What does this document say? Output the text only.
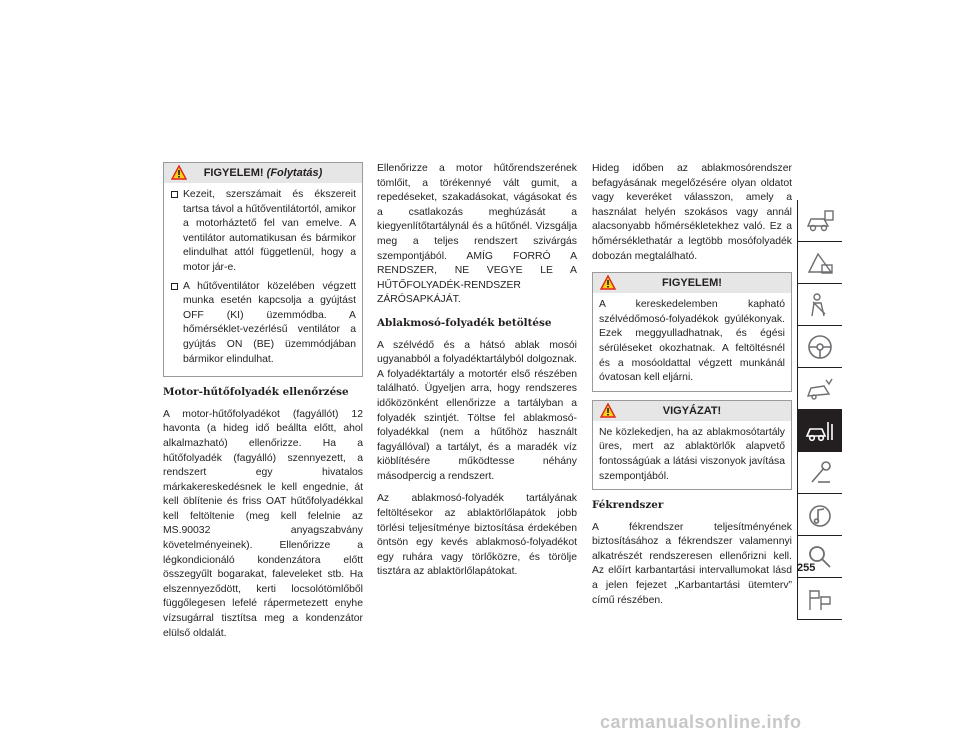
FIGYELEM! (Folytatás)
Kezeit, szerszámait és ékszereit tartsa távol a hűtőventilátortól, amikor a motorháztető fel van emelve. A ventilátor automatikusan és bármikor elindulhat attól függetlenül, hogy a motor jár-e.
A hűtőventilátor közelében végzett munka esetén kapcsolja a gyújtást OFF (KI) üzemmódba. A hőmérséklet-vezérlésű ventilátor a gyújtás ON (BE) üzemmódjában bármikor elindulhat.
Motor-hűtőfolyadék ellenőrzése

A motor-hűtőfolyadékot (fagyállót) 12 havonta (a hideg idő beállta előtt, ahol alkalmazható) ellenőrizze. Ha a hűtőfolyadék (fagyálló) szennyezett, a rendszert egy hivatalos márkakereskedésnek le kell engednie, át kell öblítenie és friss OAT hűtőfolyadékkal kell feltöltenie (meg kell felelnie az MS.90032 anyagszabvány követelményeinek). Ellenőrizze a légkondicionáló kondenzátora előtt összegyűlt bogarakat, faleveleket stb. Ha elszennyeződött, kerti locsolótömlőből függőlegesen lefelé rápermetezett enyhe vízsugárral tisztítsa meg a kondenzátor elülső oldalát.

Ellenőrizze a motor hűtőrendszerének tömlőit, a törékennyé vált gumit, a repedéseket, szakadásokat, vágásokat és a csatlakozás meghúzását a kiegyenlítőtartálynál és a hűtőnél. Vizsgálja meg a teljes rendszert szivárgás szempontjából. AMÍG FORRÓ A RENDSZER, NE VEGYE LE A HŰTŐFOLYADÉK-RENDSZER ZÁRÓSAPKÁJÁT.

Ablakmosó-folyadék betöltése

A szélvédő és a hátsó ablak mosói ugyanabból a folyadéktartályból dolgoznak. A folyadéktartály a motortér első részében található. Ügyeljen arra, hogy rendszeres időközönként ellenőrizze a tartályban a folyadék szintjét. Töltse fel ablakmosó-folyadékkal (nem a hűtőhöz használt fagyállóval) a tartályt, és a maradék víz kiöblítésére működtesse néhány másodpercig a rendszert.

Az ablakmosó-folyadék tartályának feltöltésekor az ablaktörlőlapátok jobb törlési teljesítménye biztosítása érdekében öntsön egy kevés ablakmosó-folyadékot egy ruhára vagy törlőközre, és törölje tisztára az ablaktörlőlapátokat.

Hideg időben az ablakmosórendszer befagyásának megelőzésére olyan oldatot vagy keveréket válasszon, amely a használat helyén szokásos vagy annál alacsonyabb hőmérsékletekhez való. Ez a hőmérséklethatár a legtöbb mosófolyadék dobozán megtalálható.

FIGYELEM!

A kereskedelemben kapható szélvédőmosó-folyadékok gyúlékonyak. Ezek meggyulladhatnak, és égési sérüléseket okozhatnak. A feltöltésnél és a mosóoldattal végzett munkánál óvatosan kell eljárni.

VIGYÁZAT!

Ne közlekedjen, ha az ablakmosótartály üres, mert az ablaktörlők alapvető fontosságúak a látási viszonyok javítása szempontjából.

Fékrendszer

A fékrendszer teljesítményének biztosításához a fékrendszer valamennyi alkatrészét rendszeresen ellenőrizni kell. Az előírt karbantartási intervallumokat lásd a jelen fejezet „Karbantartási ütemterv” című részében.

255
carmanualsonline.info
